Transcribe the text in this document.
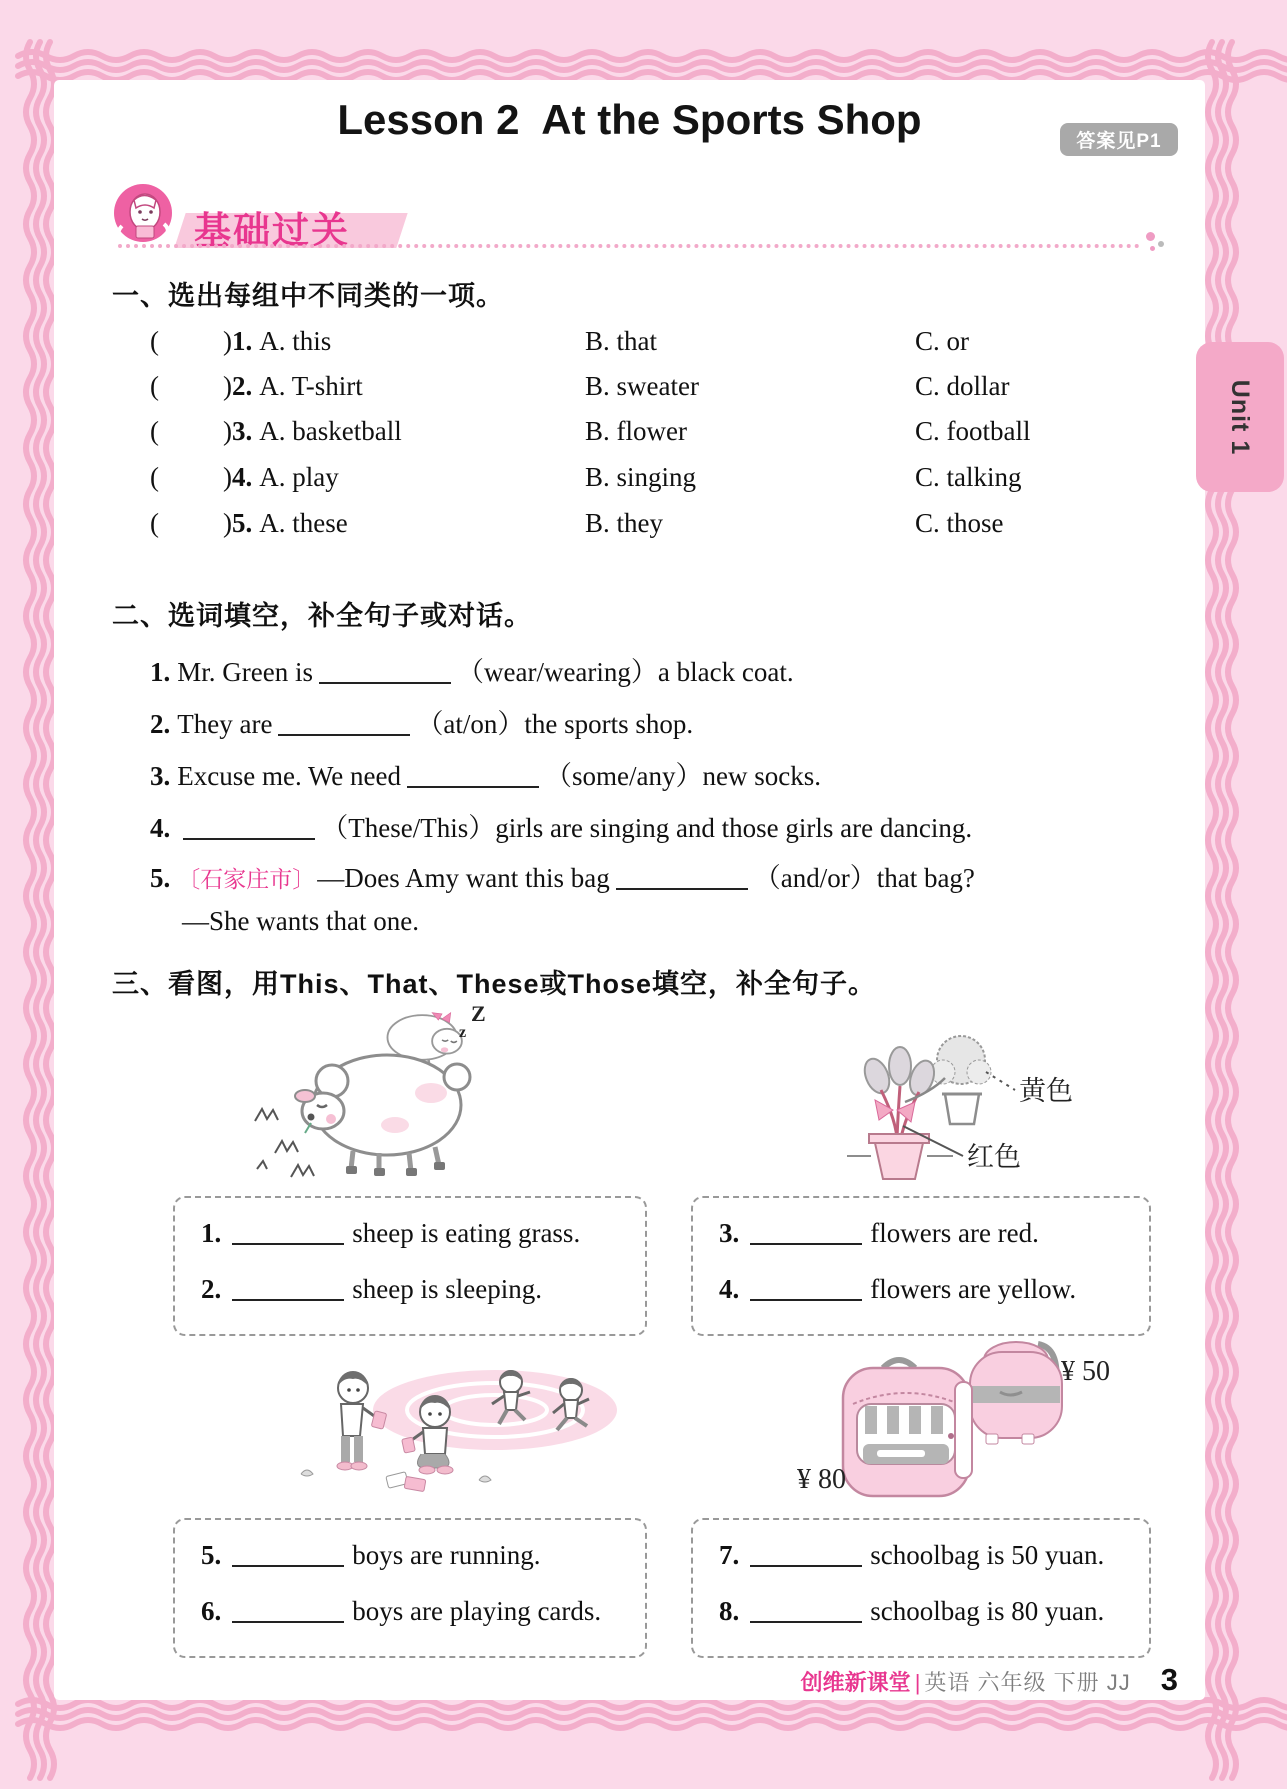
Lesson 2  At the Sports Shop	答案见P1
基础过关
一、选出每组中不同类的一项。
( )1. A. this	B. that	C. or
( )2. A. T-shirt	B. sweater	C. dollar
( )3. A. basketball	B. flower	C. football
( )4. A. play	B. singing	C. talking
( )5. A. these	B. they	C. those
二、选词填空，补全句子或对话。
1. Mr. Green is	（wear/wearing）a black coat.
2. They are	（at/on）the sports shop.
3. Excuse me. We need	（some/any）new socks.
4.	（These/This）girls are singing and those girls are dancing.
5. 〔石家庄市〕—Does Amy want this bag	（and/or）that bag?
—She wants that one.
三、看图，用This、That、These或Those填空，补全句子。
z
Z
黄色
红色
1.	sheep is eating grass.
2.	sheep is sleeping.
3.	flowers are red.
4.	flowers are yellow.
¥ 50
¥ 80
5.	boys are running.
6.	boys are playing cards.
7.	schoolbag is 50 yuan.
8.	schoolbag is 80 yuan.
创维新课堂 | 英语 六年级 下册 JJ 3
Unit 1
